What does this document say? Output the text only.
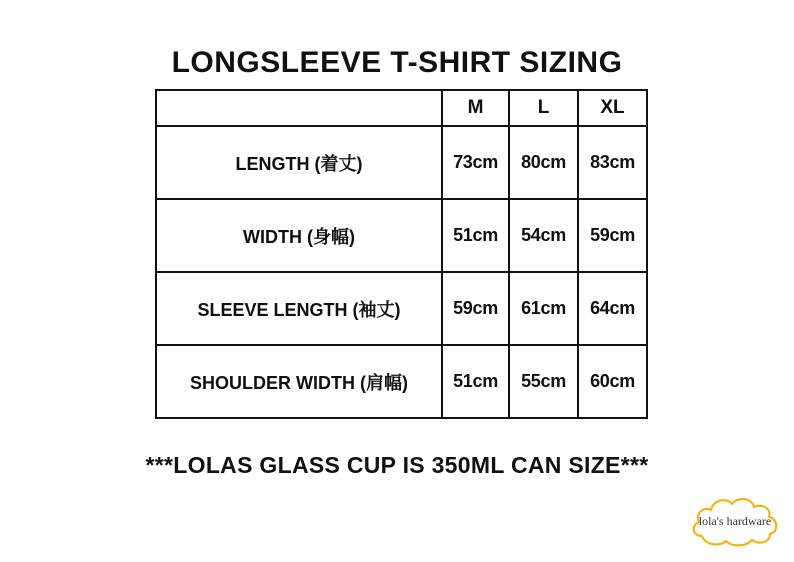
LONGSLEEVE T-SHIRT SIZING
	M	L	XL
LENGTH (着丈)	73cm	80cm	83cm
WIDTH (身幅)	51cm	54cm	59cm
SLEEVE LENGTH (袖丈)	59cm	61cm	64cm
SHOULDER WIDTH (肩幅)	51cm	55cm	60cm
***LOLAS GLASS CUP IS 350ML CAN SIZE***
lola's hardware
